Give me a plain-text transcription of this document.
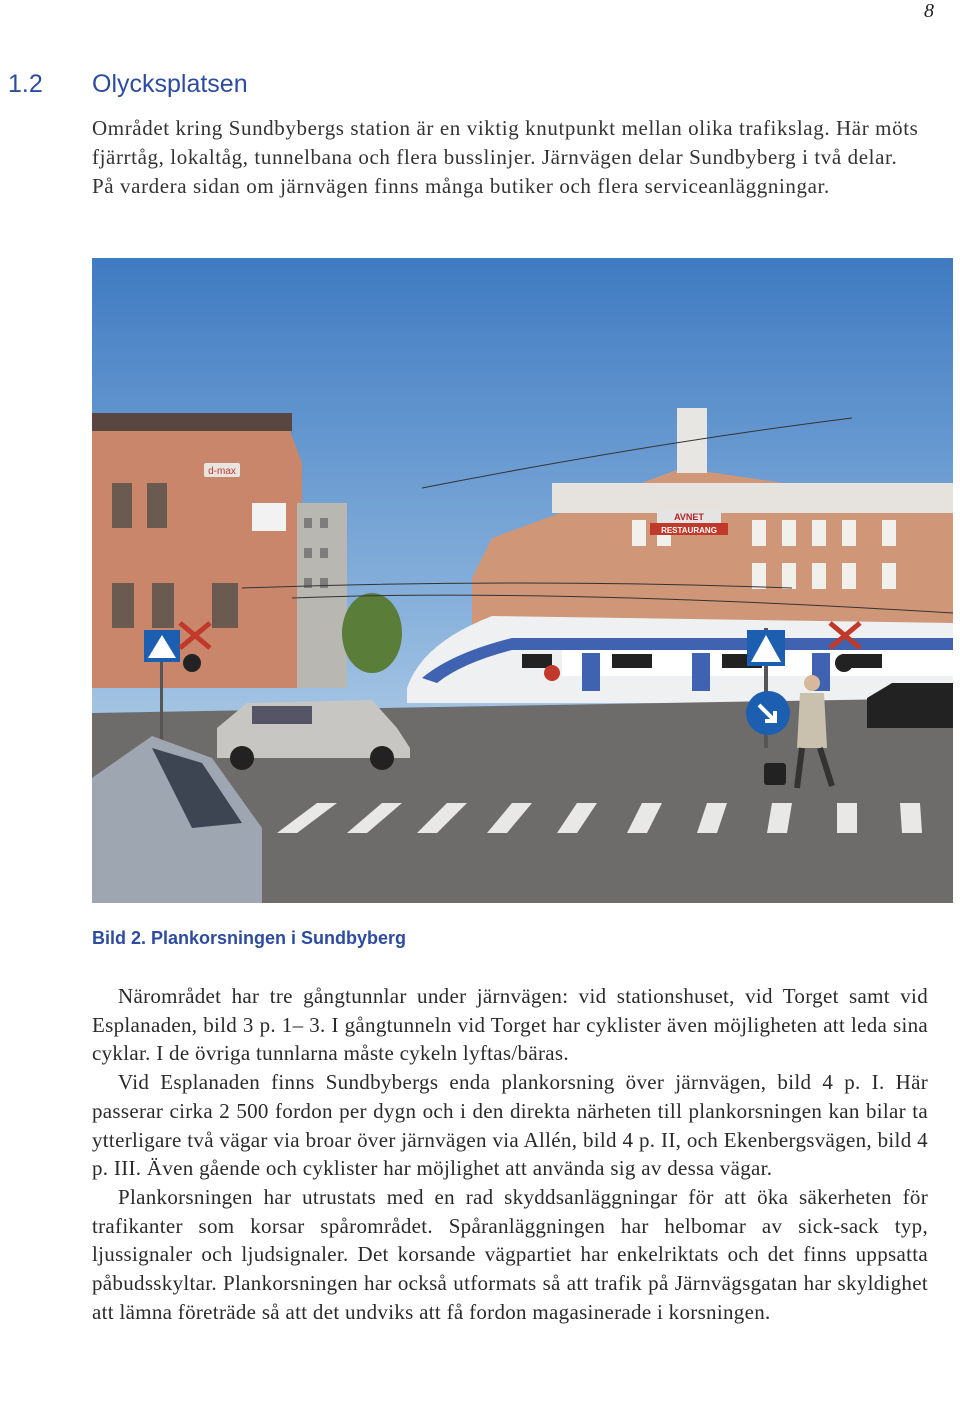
8
1.2 Olycksplatsen
Området kring Sundbybergs station är en viktig knutpunkt mellan olika trafikslag. Här möts fjärrtåg, lokaltåg, tunnelbana och flera busslinjer. Järnvägen delar Sundbyberg i två delar. På vardera sidan om järnvägen finns många butiker och flera serviceanläggningar.
d-max
AVNET
RESTAURANG
Bild 2. Plankorsningen i Sundbyberg

Närområdet har tre gångtunnlar under järnvägen: vid stationshuset, vid Torget samt vid Esplanaden, bild 3 p. 1– 3. I gångtunneln vid Torget har cyklister även möjligheten att leda sina cyklar. I de övriga tunnlarna måste cykeln lyftas/bäras.

Vid Esplanaden finns Sundbybergs enda plankorsning över järnvägen, bild 4 p. I. Här passerar cirka 2 500 fordon per dygn och i den direkta närheten till plankorsningen kan bilar ta ytterligare två vägar via broar över järnvägen via Allén, bild 4 p. II, och Ekenbergsvägen, bild 4 p. III. Även gående och cyklister har möjlighet att använda sig av dessa vägar.

Plankorsningen har utrustats med en rad skyddsanläggningar för att öka säkerheten för trafikanter som korsar spårområdet. Spåranläggningen har helbomar av sick-sack typ, ljussignaler och ljudsignaler. Det korsande vägpartiet har enkelriktats och det finns uppsatta påbudsskyltar. Plankorsningen har också utformats så att trafik på Järnvägsgatan har skyldighet att lämna företräde så att det undviks att få fordon magasinerade i korsningen.
